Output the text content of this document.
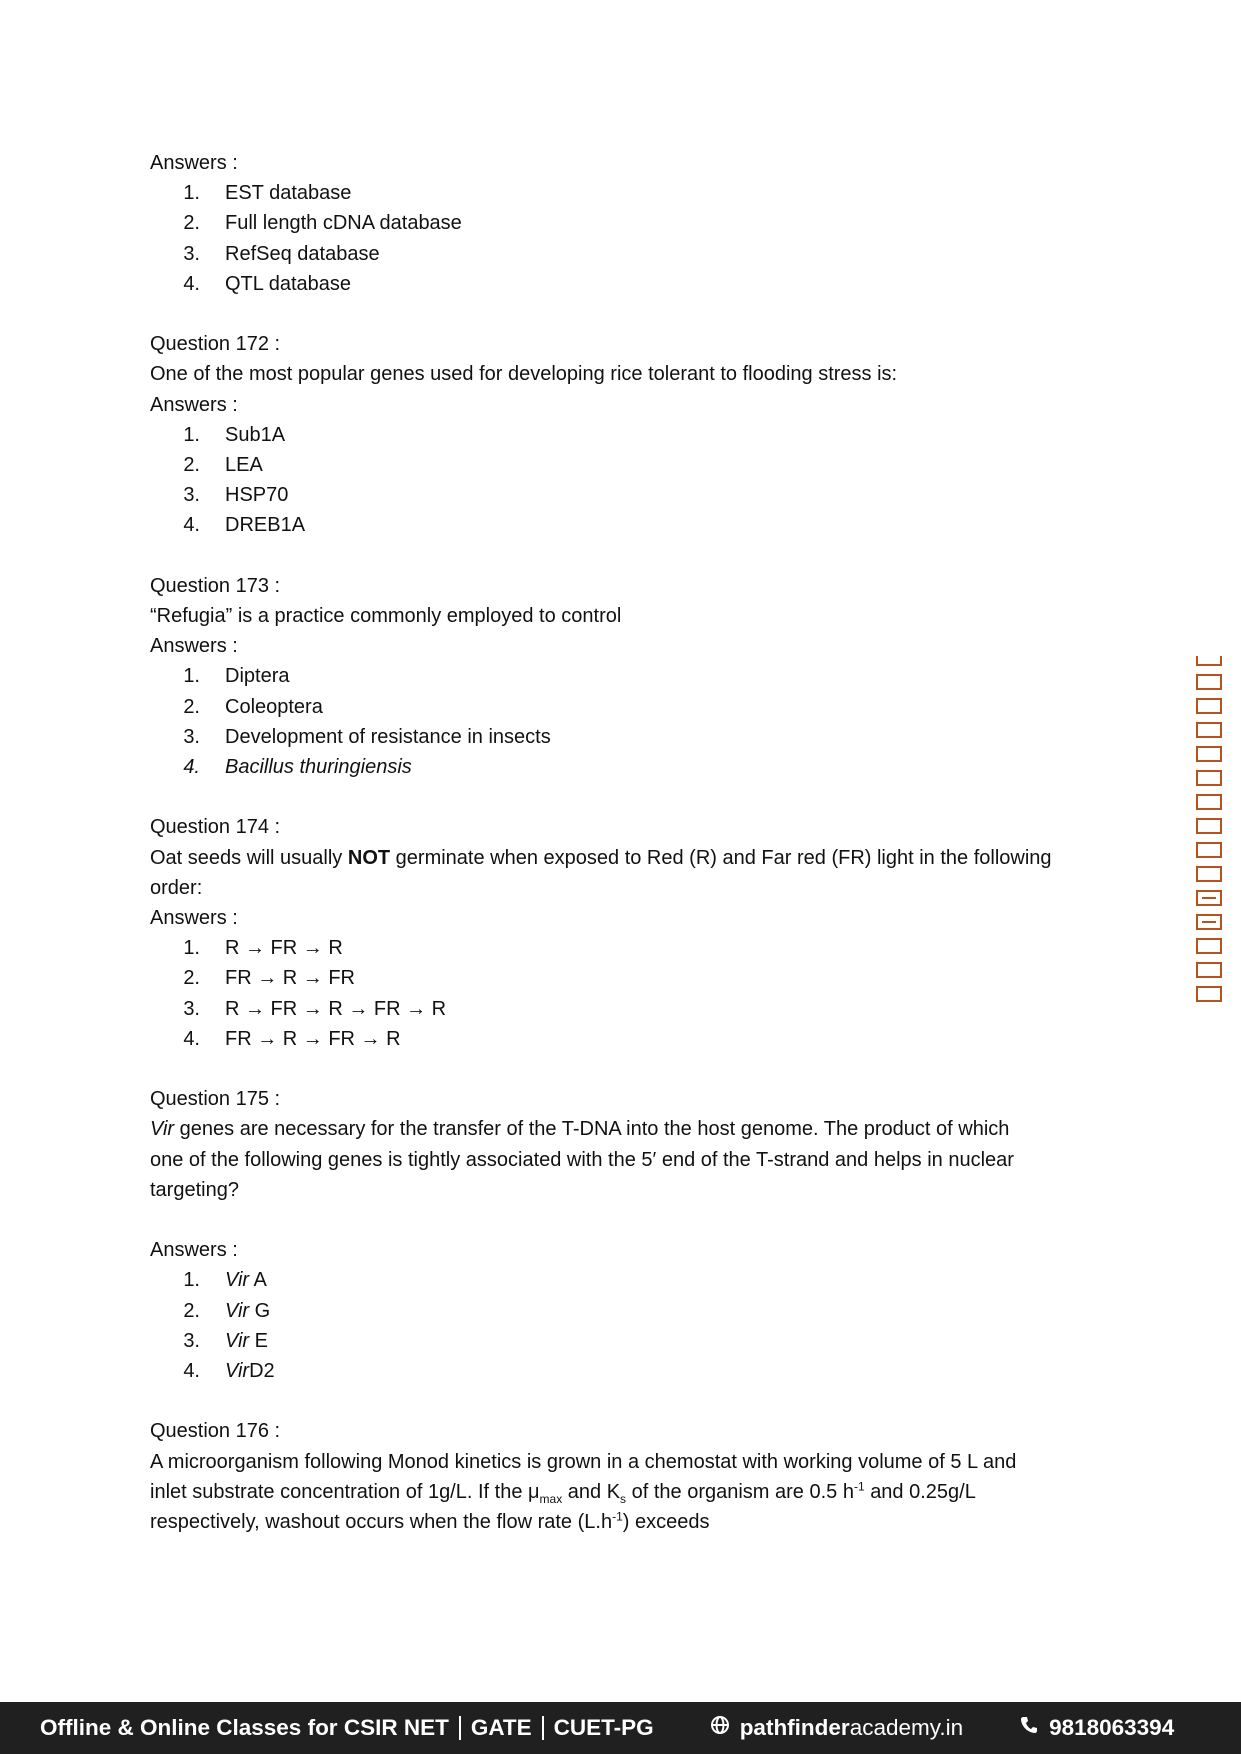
Answers :
1.	EST database
2.	Full length cDNA database
3.	RefSeq database
4.	QTL database
Question 172 :
One of the most popular genes used for developing rice tolerant to flooding stress is:
Answers :
1.	Sub1A
2.	LEA
3.	HSP70
4.	DREB1A
Question 173 :
“Refugia” is a practice commonly employed to control
Answers :
1.	Diptera
2.	Coleoptera
3.	Development of resistance in insects
4.	Bacillus thuringiensis
Question 174 :
Oat seeds will usually NOT germinate when exposed to Red (R) and Far red (FR) light in the following
order:
Answers :
1.	R → FR → R
2.	FR → R → FR
3.	R → FR → R → FR → R
4.	FR → R → FR → R
Question 175 :
Vir genes are necessary for the transfer of the T-DNA into the host genome. The product of which
one of the following genes is tightly associated with the 5′ end of the T-strand and helps in nuclear
targeting?
Answers :
1.	Vir A
2.	Vir G
3.	Vir E
4.	VirD2
Question 176 :
A microorganism following Monod kinetics is grown in a chemostat with working volume of 5 L and
inlet substrate concentration of 1g/L. If the $\mu_{max}$ and $K_s$ of the organism are 0.5 $h^{-1}$ and 0.25g/L
respectively, washout occurs when the flow rate $(L.h^{-1})$ exceeds
Offline & Online Classes for CSIR NET GATE CUET-PG	pathfinder academy.in	9818063394
